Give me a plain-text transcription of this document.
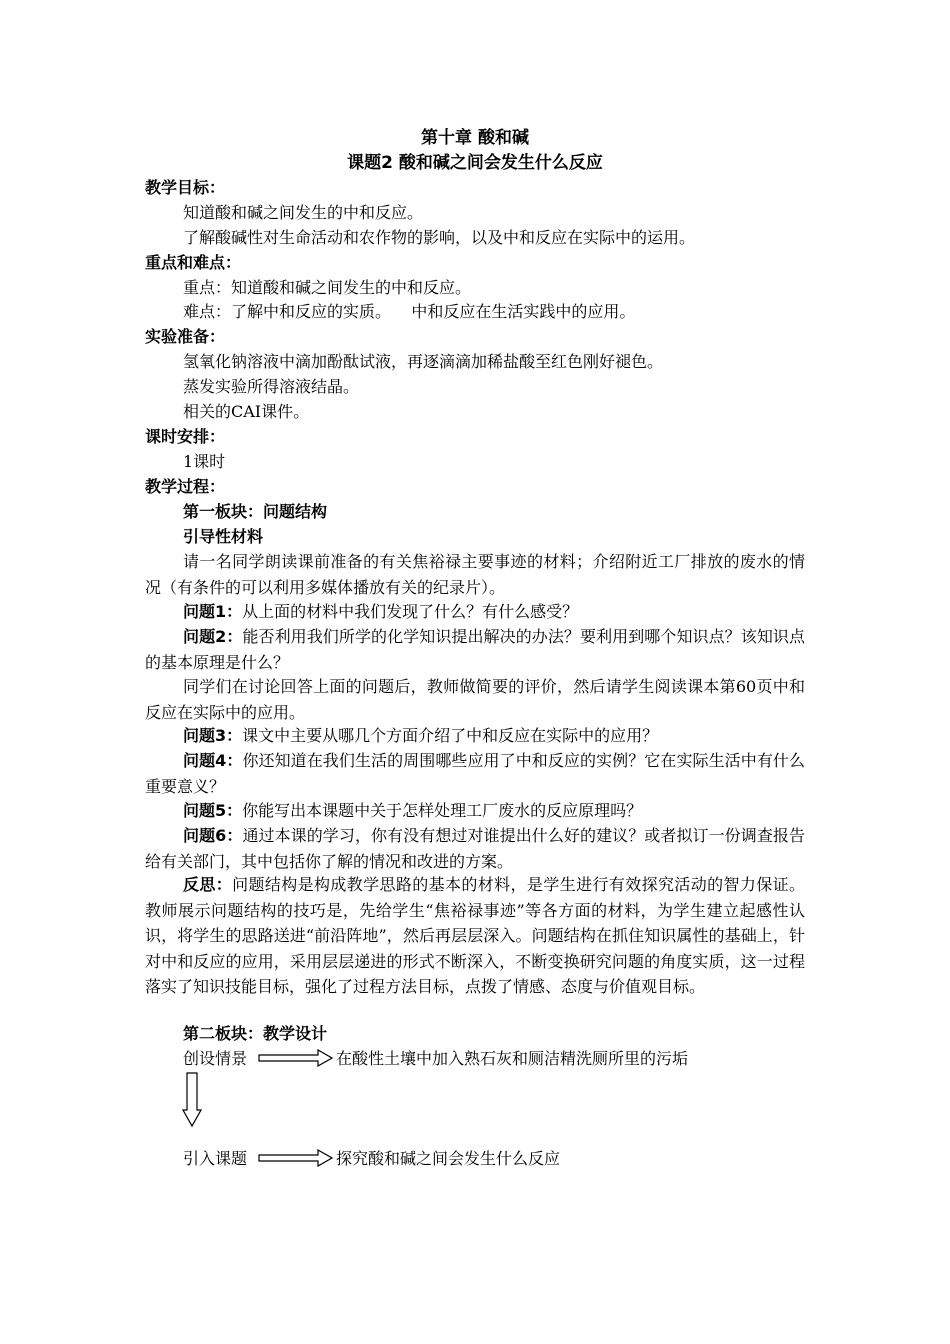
第十章 酸和碱
课题2 酸和碱之间会发生什么反应
教学目标：
知道酸和碱之间发生的中和反应。
了解酸碱性对生命活动和农作物的影响，以及中和反应在实际中的运用。
重点和难点：
重点：知道酸和碱之间发生的中和反应。
难点：了解中和反应的实质。    中和反应在生活实践中的应用。
实验准备：
氢氧化钠溶液中滴加酚酞试液，再逐滴滴加稀盐酸至红色刚好褪色。
蒸发实验所得溶液结晶。
相关的CAI课件。
课时安排：
1课时
教学过程：
第一板块：问题结构
引导性材料
请一名同学朗读课前准备的有关焦裕禄主要事迹的材料；介绍附近工厂排放的废水的情况（有条件的可以利用多媒体播放有关的纪录片）。
问题1：从上面的材料中我们发现了什么？有什么感受？
问题2：能否利用我们所学的化学知识提出解决的办法？要利用到哪个知识点？该知识点的基本原理是什么？
同学们在讨论回答上面的问题后，教师做简要的评价，然后请学生阅读课本第60页中和反应在实际中的应用。
问题3：课文中主要从哪几个方面介绍了中和反应在实际中的应用？
问题4：你还知道在我们生活的周围哪些应用了中和反应的实例？它在实际生活中有什么重要意义？
问题5：你能写出本课题中关于怎样处理工厂废水的反应原理吗？
问题6：通过本课的学习，你有没有想过对谁提出什么好的建议？或者拟订一份调查报告给有关部门，其中包括你了解的情况和改进的方案。
反思：问题结构是构成教学思路的基本的材料，是学生进行有效探究活动的智力保证。教师展示问题结构的技巧是，先给学生“焦裕禄事迹”等各方面的材料，为学生建立起感性认识，将学生的思路送进“前沿阵地”，然后再层层深入。问题结构在抓住知识属性的基础上，针对中和反应的应用，采用层层递进的形式不断深入，不断变换研究问题的角度实质，这一过程落实了知识技能目标，强化了过程方法目标，点拨了情感、态度与价值观目标。
第二板块：教学设计
创设情景	在酸性土壤中加入熟石灰和厕洁精洗厕所里的污垢
引入课题	探究酸和碱之间会发生什么反应
